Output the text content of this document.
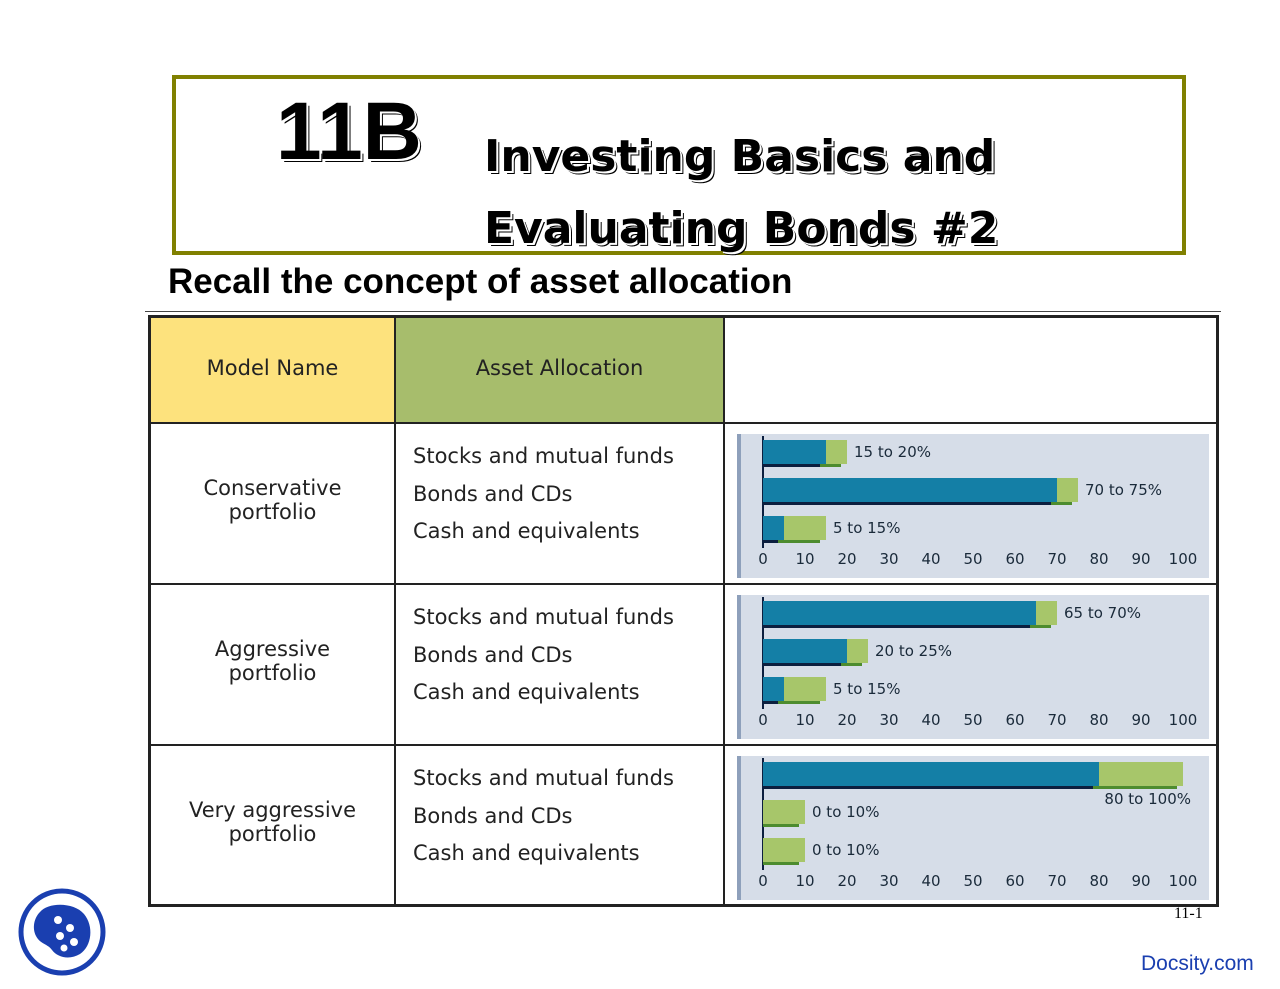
11B Investing Basics and
Evaluating Bonds #2
Recall the concept of asset allocation
Model Name	Asset Allocation
Conservative
portfolio
Stocks and mutual funds
Bonds and CDs
Cash and equivalents
15 to 20%
70 to 75%
5 to 15%
0 10 20 30 40 50 60 70 80 90 100
Aggressive
portfolio
Stocks and mutual funds
Bonds and CDs
Cash and equivalents
65 to 70%
20 to 25%
5 to 15%
0 10 20 30 40 50 60 70 80 90 100
Very aggressive
portfolio
Stocks and mutual funds
Bonds and CDs
Cash and equivalents
80 to 100%
0 to 10%
0 to 10%
0 10 20 30 40 50 60 70 80 90 100
11-1
Docsity.com
